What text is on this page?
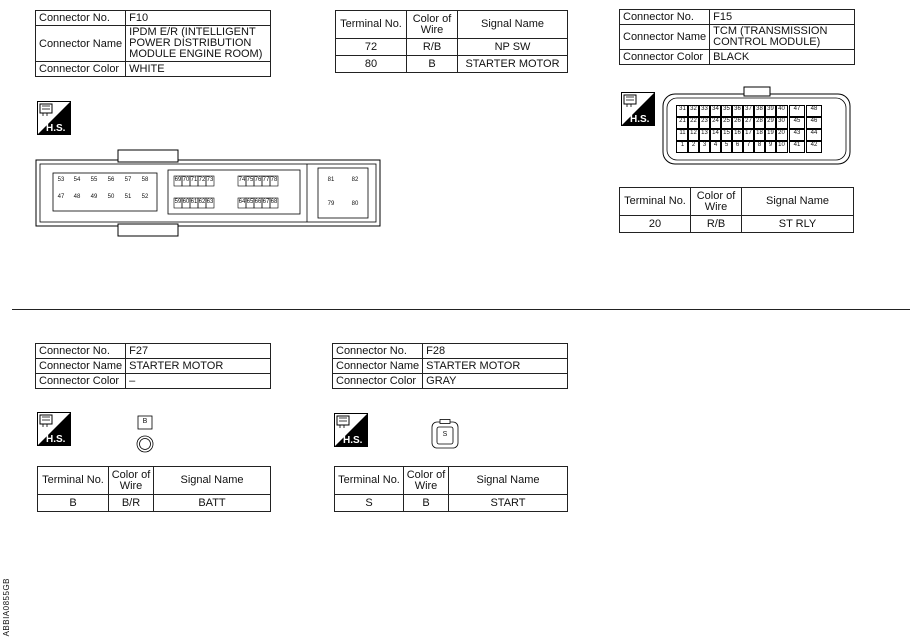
Connector No.	F10
Connector Name	IPDM E/R (INTELLIGENT POWER DISTRIBUTION MODULE ENGINE ROOM)
Connector Color	WHITE
H.S.
53	54	55	56	57	58
47	48	49	50	51	52
69 70 71 72 73	74 75 76 77 78
59 60 61 62 63	64 65 66 67 68
81	82
79	80
Terminal No.	Color of Wire	Signal Name
72	R/B	NP SW
80	B	STARTER MOTOR
Connector No.	F15
Connector Name	TCM (TRANSMISSION CONTROL MODULE)
Connector Color	BLACK
H.S.
31 32 33 34 35 36 37 38 39 40	47	48
21 22 23 24 25 26 27 28 29 30	45	46
11 12 13 14 15 16 17 18 19 20	43	44
1	2	3	4	5	6	7	8	9 10	41	42
Terminal No.	Color of Wire	Signal Name
20	R/B	ST RLY
Connector No.	F27
Connector Name	STARTER MOTOR
Connector Color	–
H.S.
B
Terminal No.	Color of Wire	Signal Name
B	B/R	BATT
Connector No.	F28
Connector Name	STARTER MOTOR
Connector Color	GRAY
H.S.
S
Terminal No.	Color of Wire	Signal Name
S	B	START
ABBIA0855GB
